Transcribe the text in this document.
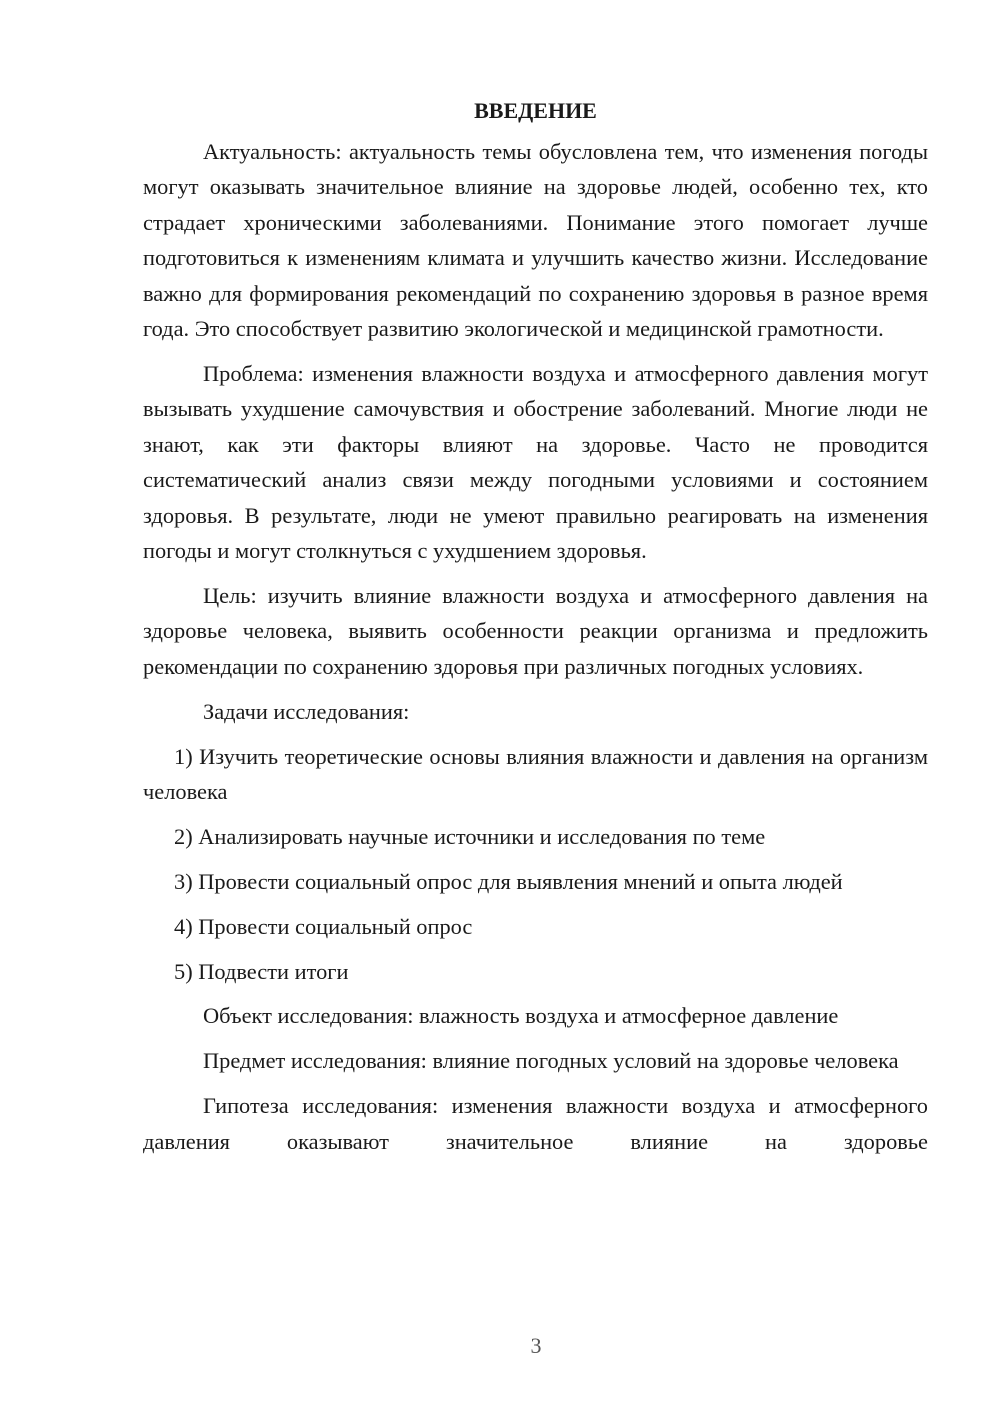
ВВЕДЕНИЕ

Актуальность: актуальность темы обусловлена тем, что изменения погоды могут оказывать значительное влияние на здоровье людей, особенно тех, кто страдает хроническими заболеваниями. Понимание этого помогает лучше подготовиться к изменениям климата и улучшить качество жизни. Исследование важно для формирования рекомендаций по сохранению здоровья в разное время года. Это способствует развитию экологической и медицинской грамотности.

Проблема: изменения влажности воздуха и атмосферного давления могут вызывать ухудшение самочувствия и обострение заболеваний. Многие люди не знают, как эти факторы влияют на здоровье. Часто не проводится систематический анализ связи между погодными условиями и состоянием здоровья. В результате, люди не умеют правильно реагировать на изменения погоды и могут столкнуться с ухудшением здоровья.

Цель: изучить влияние влажности воздуха и атмосферного давления на здоровье человека, выявить особенности реакции организма и предложить рекомендации по сохранению здоровья при различных погодных условиях.

Задачи исследования:

1) Изучить теоретические основы влияния влажности и давления на организм человека

2) Анализировать научные источники и исследования по теме

3) Провести социальный опрос для выявления мнений и опыта людей

4) Провести социальный опрос

5) Подвести итоги

Объект исследования: влажность воздуха и атмосферное давление

Предмет исследования: влияние погодных условий на здоровье человека

Гипотеза исследования: изменения влажности воздуха и атмосферного давления оказывают значительное влияние на здоровье

3
